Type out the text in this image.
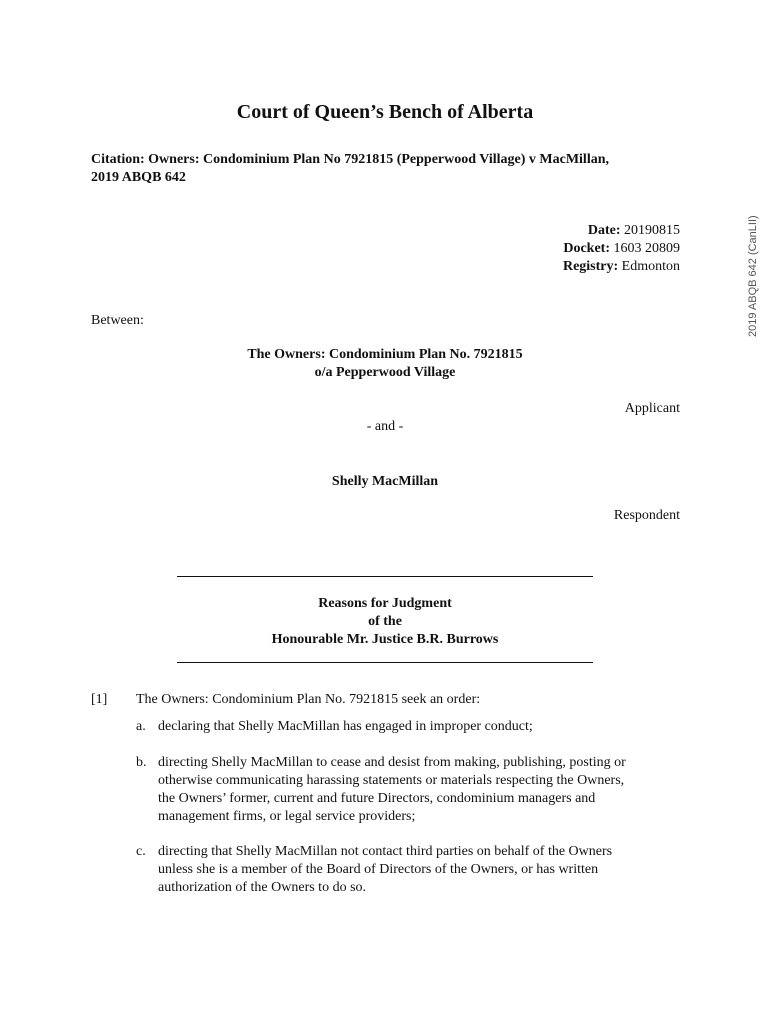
Court of Queen’s Bench of Alberta
Citation: Owners: Condominium Plan No 7921815 (Pepperwood Village) v MacMillan,
2019 ABQB 642
Date: 20190815
Docket: 1603 20809
Registry: Edmonton	2019 ABQB 642 (CanLII)
Between:
The Owners: Condominium Plan No. 7921815
o/a Pepperwood Village
Applicant
- and -
Shelly MacMillan
Respondent
Reasons for Judgment
of the
Honourable Mr. Justice B.R. Burrows
[1] The Owners: Condominium Plan No. 7921815 seek an order:
a. declaring that Shelly MacMillan has engaged in improper conduct;
b. directing Shelly MacMillan to cease and desist from making, publishing, posting or
otherwise communicating harassing statements or materials respecting the Owners,
the Owners’ former, current and future Directors, condominium managers and
management firms, or legal service providers;
c. directing that Shelly MacMillan not contact third parties on behalf of the Owners
unless she is a member of the Board of Directors of the Owners, or has written
authorization of the Owners to do so.
